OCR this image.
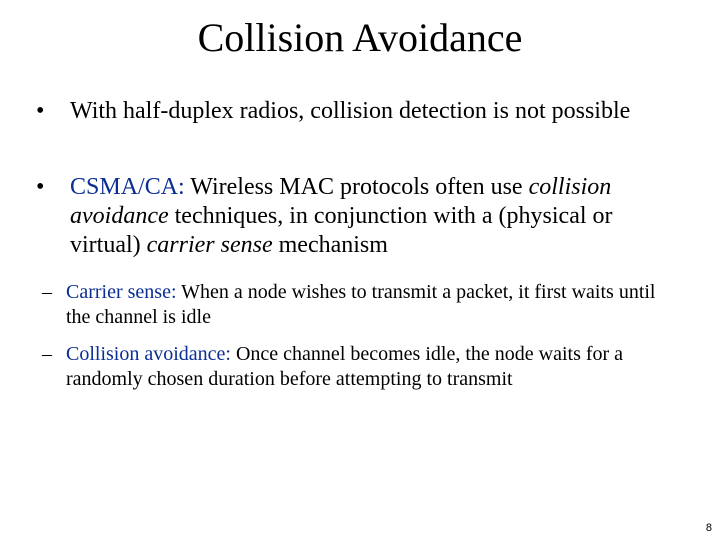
Collision Avoidance
•	With half-duplex radios, collision detection is not possible
•	CSMA/CA: Wireless MAC protocols often use collision avoidance techniques, in conjunction with a (physical or virtual) carrier sense mechanism
– Carrier sense: When a node wishes to transmit a packet, it first waits until the channel is idle
– Collision avoidance: Once channel becomes idle, the node waits for a randomly chosen duration before attempting to transmit
8
